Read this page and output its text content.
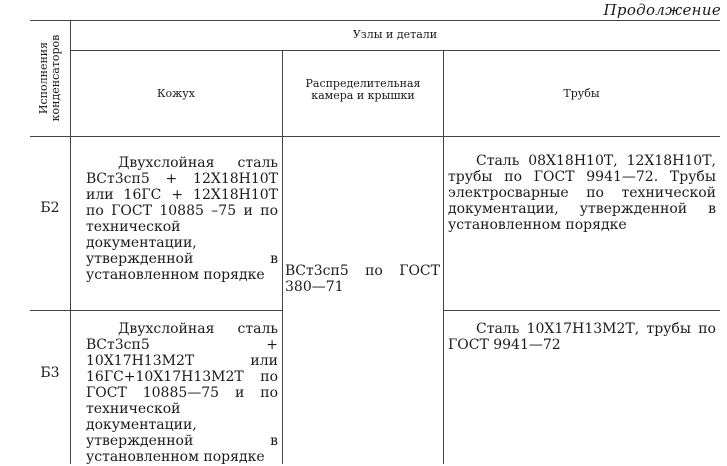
Продолжение
Исполнения конденсаторов
Узлы и детали
Кожух
Распределительная камера и крышки	Трубы
Б2
Двухслойная сталь ВСт3сп5 + 12Х18Н10Т или 16ГС + 12Х18Н10Т по ГОСТ 10885 –75 и по технической документации, утвержденной в установленном порядке
Сталь 08Х18Н10Т, 12Х18Н10Т, трубы по ГОСТ 9941—72. Трубы электросварные по технической документации, утвержденной в установленном порядке
ВСт3сп5 по ГОСТ 380—71
Б3
Двухслойная сталь ВСт3сп5 + 10Х17Н13М2Т или 16ГС+10Х17Н13М2Т по ГОСТ 10885—75 и по технической документации, утвержденной в установленном порядке
Сталь 10Х17Н13М2Т, трубы по ГОСТ 9941—72
